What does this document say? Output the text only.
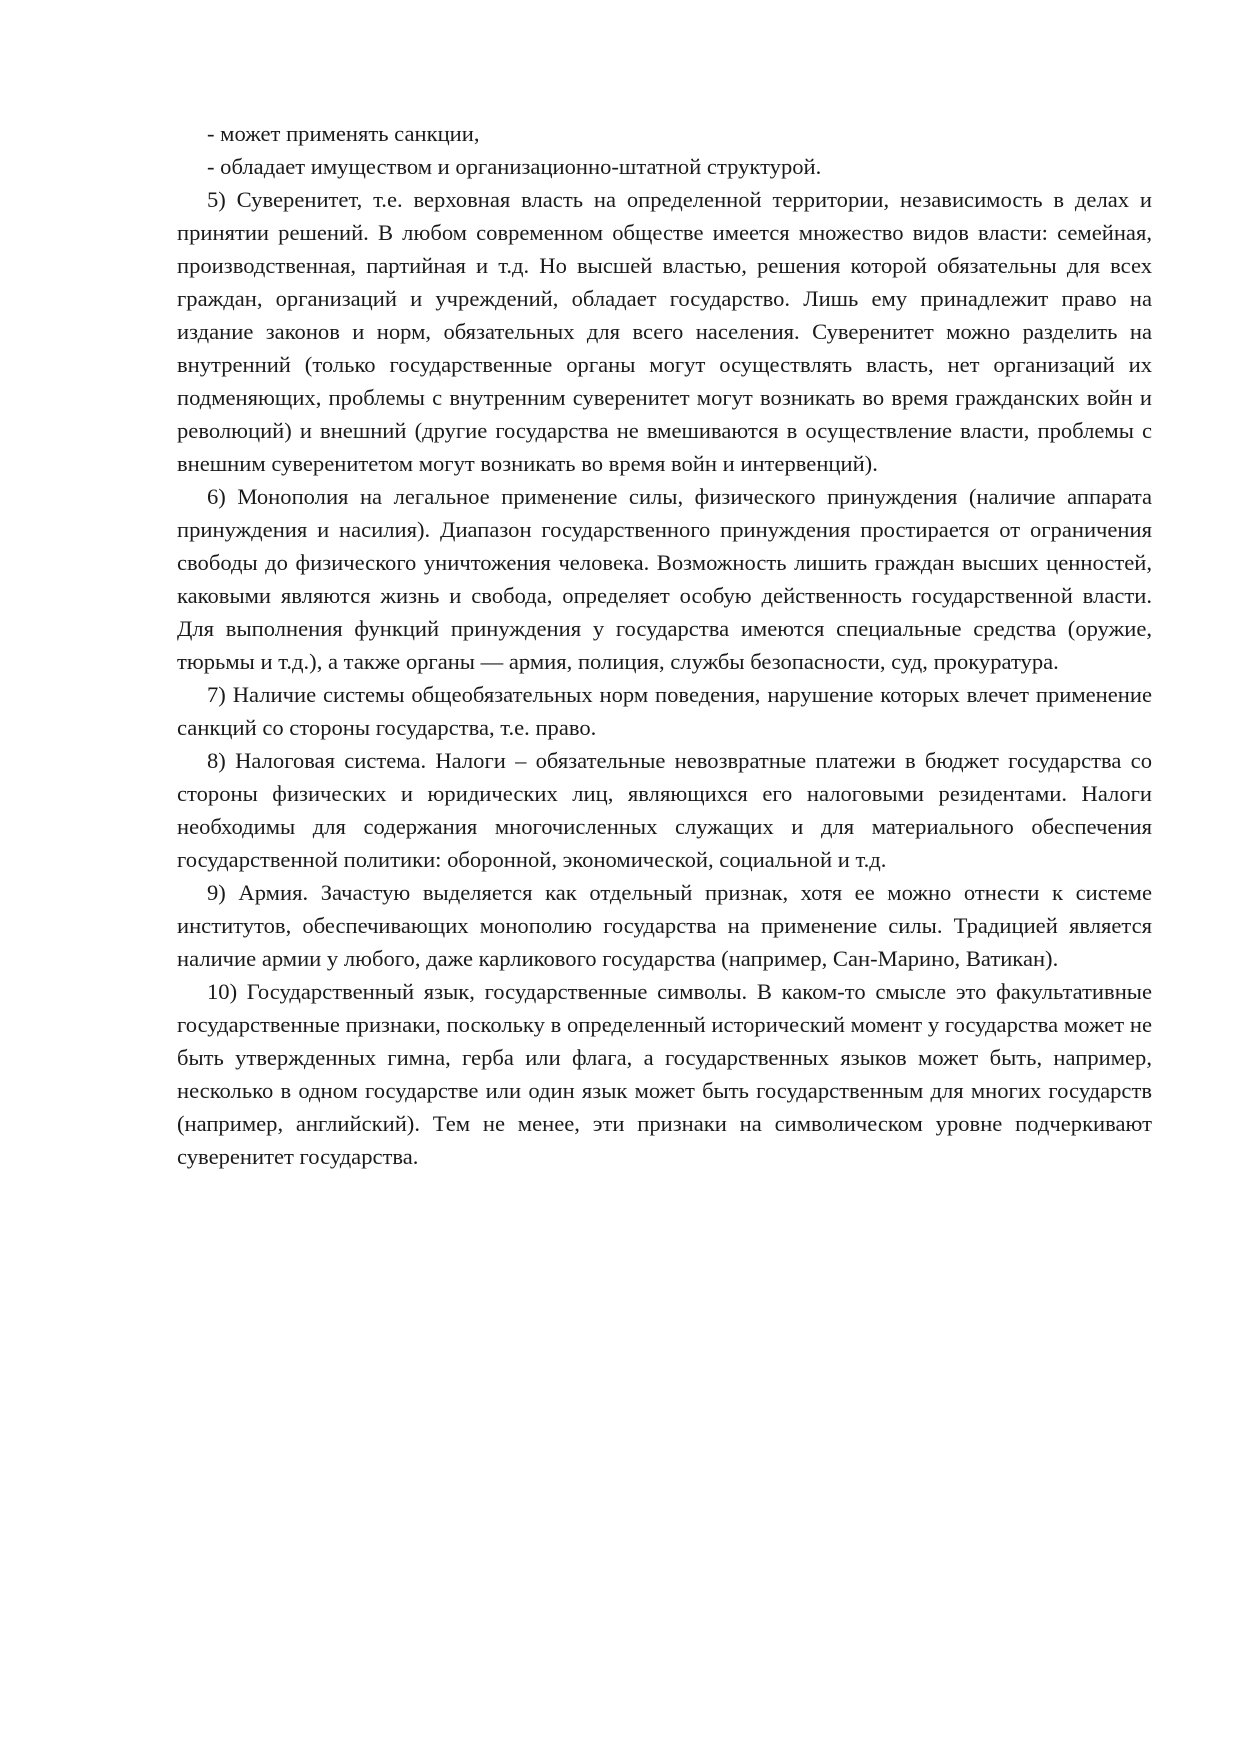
- может применять санкции,

- обладает имуществом и организационно-штатной структурой.

5) Суверенитет, т.е. верховная власть на определенной территории, независимость в делах и принятии решений. В любом современном обществе имеется множество видов власти: семейная, производственная, партийная и т.д. Но высшей властью, решения которой обязательны для всех граждан, организаций и учреждений, обладает государство. Лишь ему принадлежит право на издание законов и норм, обязательных для всего населения. Суверенитет можно разделить на внутренний (только государственные органы могут осуществлять власть, нет организаций их подменяющих, проблемы с внутренним суверенитет могут возникать во время гражданских войн и революций) и внешний (другие государства не вмешиваются в осуществление власти, проблемы с внешним суверенитетом могут возникать во время войн и интервенций).

6) Монополия на легальное применение силы, физического принуждения (наличие аппарата принуждения и насилия). Диапазон государственного принуждения простирается от ограничения свободы до физического уничтожения человека. Возможность лишить граждан высших ценностей, каковыми являются жизнь и свобода, определяет особую действенность государственной власти. Для выполнения функций принуждения у государства имеются специальные средства (оружие, тюрьмы и т.д.), а также органы — армия, полиция, службы безопасности, суд, прокуратура.

7) Наличие системы общеобязательных норм поведения, нарушение которых влечет применение санкций со стороны государства, т.е. право.

8) Налоговая система. Налоги – обязательные невозвратные платежи в бюджет государства со стороны физических и юридических лиц, являющихся его налоговыми резидентами. Налоги необходимы для содержания многочисленных служащих и для материального обеспечения государственной политики: оборонной, экономической, социальной и т.д.

9) Армия. Зачастую выделяется как отдельный признак, хотя ее можно отнести к системе институтов, обеспечивающих монополию государства на применение силы. Традицией является наличие армии у любого, даже карликового государства (например, Сан-Марино, Ватикан).

10) Государственный язык, государственные символы. В каком-то смысле это факультативные государственные признаки, поскольку в определенный исторический момент у государства может не быть утвержденных гимна, герба или флага, а государственных языков может быть, например, несколько в одном государстве или один язык может быть государственным для многих государств (например, английский). Тем не менее, эти признаки на символическом уровне подчеркивают суверенитет государства.
